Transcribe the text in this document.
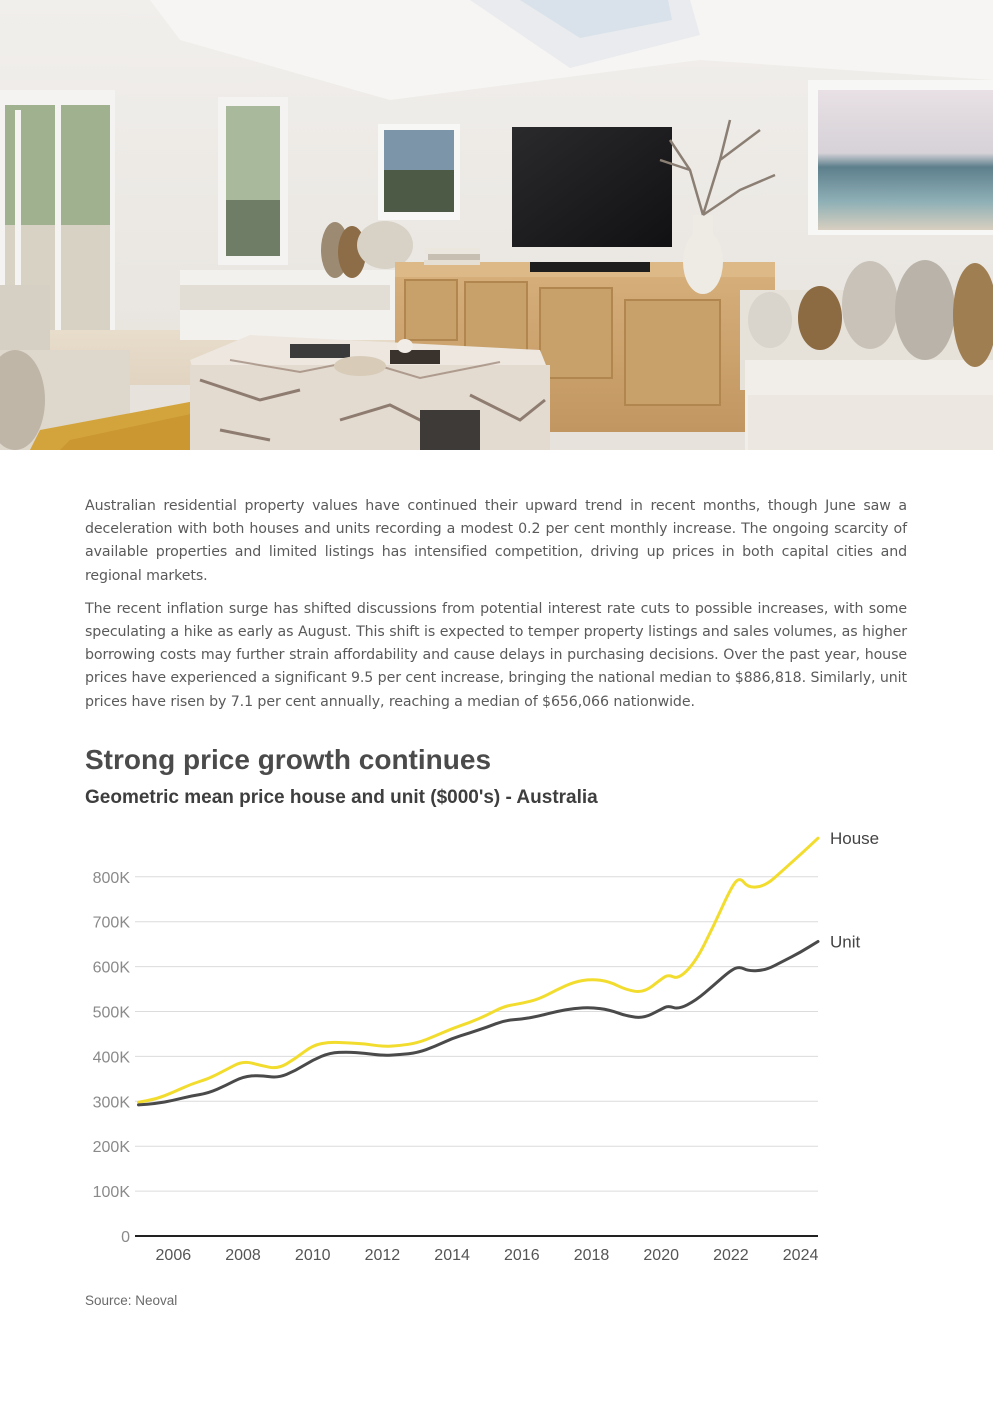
Australian residential property values have continued their upward trend in recent months, though June saw a deceleration with both houses and units recording a modest 0.2 per cent monthly increase. The ongoing scarcity of available properties and limited listings has intensified competition, driving up prices in both capital cities and regional markets.

The recent inflation surge has shifted discussions from potential interest rate cuts to possible increases, with some speculating a hike as early as August. This shift is expected to temper property listings and sales volumes, as higher borrowing costs may further strain affordability and cause delays in purchasing decisions. Over the past year, house prices have experienced a significant 9.5 per cent increase, bringing the national median to $886,818. Similarly, unit prices have risen by 7.1 per cent annually, reaching a median of $656,066 nationwide.

Strong price growth continues
Geometric mean price house and unit ($000's) - Australia
0
100K
200K
300K
400K
500K
600K
700K
800K
2006 2008 2010 2012 2014 2016 2018 2020 2022 2024
House
Unit
Source: Neoval
